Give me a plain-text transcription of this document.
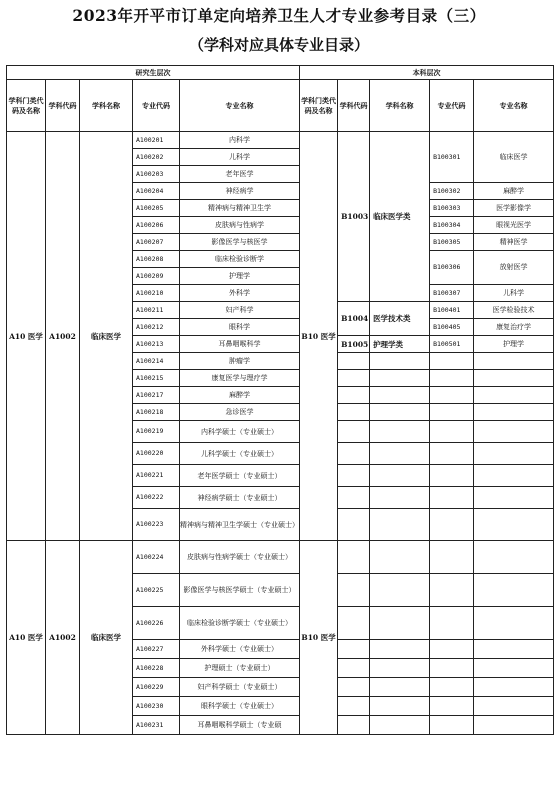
2023年开平市订单定向培养卫生人才专业参考目录（三）
（学科对应具体专业目录）
研究生层次					本科层次				
学科门类代码及名称	学科代码	学科名称	专业代码	专业名称	学科门类代码及名称	学科代码	学科名称	专业代码	专业名称
A10 医学	A1002	临床医学	A100201	内科学	B10 医学	B1003	临床医学类	B100301	临床医学
			A100202	儿科学					
			A100203	老年医学					
			A100204	神经病学				B100302	麻醉学
			A100205	精神病与精神卫生学				B100303	医学影像学
			A100206	皮肤病与性病学				B100304	眼视光医学
			A100207	影像医学与核医学				B100305	精神医学
			A100208	临床检验诊断学				B100306	放射医学
			A100209	护理学					
			A100210	外科学				B100307	儿科学
			A100211	妇产科学		B1004	医学技术类	B100401	医学检验技术
			A100212	眼科学				B100405	康复治疗学
			A100213	耳鼻咽喉科学		B1005	护理学类	B100501	护理学
			A100214	肿瘤学					
			A100215	康复医学与理疗学					
			A100217	麻醉学					
			A100218	急诊医学					
			A100219	内科学硕士（专业硕士）					
			A100220	儿科学硕士（专业硕士）					
			A100221	老年医学硕士（专业硕士）					
			A100222	神经病学硕士（专业硕士）					
			A100223	精神病与精神卫生学硕士（专业硕士）					
A10 医学	A1002	临床医学	A100224	皮肤病与性病学硕士（专业硕士）	B10 医学				
			A100225	影像医学与核医学硕士（专业硕士）					
			A100226	临床检验诊断学硕士（专业硕士）					
			A100227	外科学硕士（专业硕士）					
			A100228	护理硕士（专业硕士）					
			A100229	妇产科学硕士（专业硕士）					
			A100230	眼科学硕士（专业硕士）					
			A100231	耳鼻咽喉科学硕士（专业硕					
